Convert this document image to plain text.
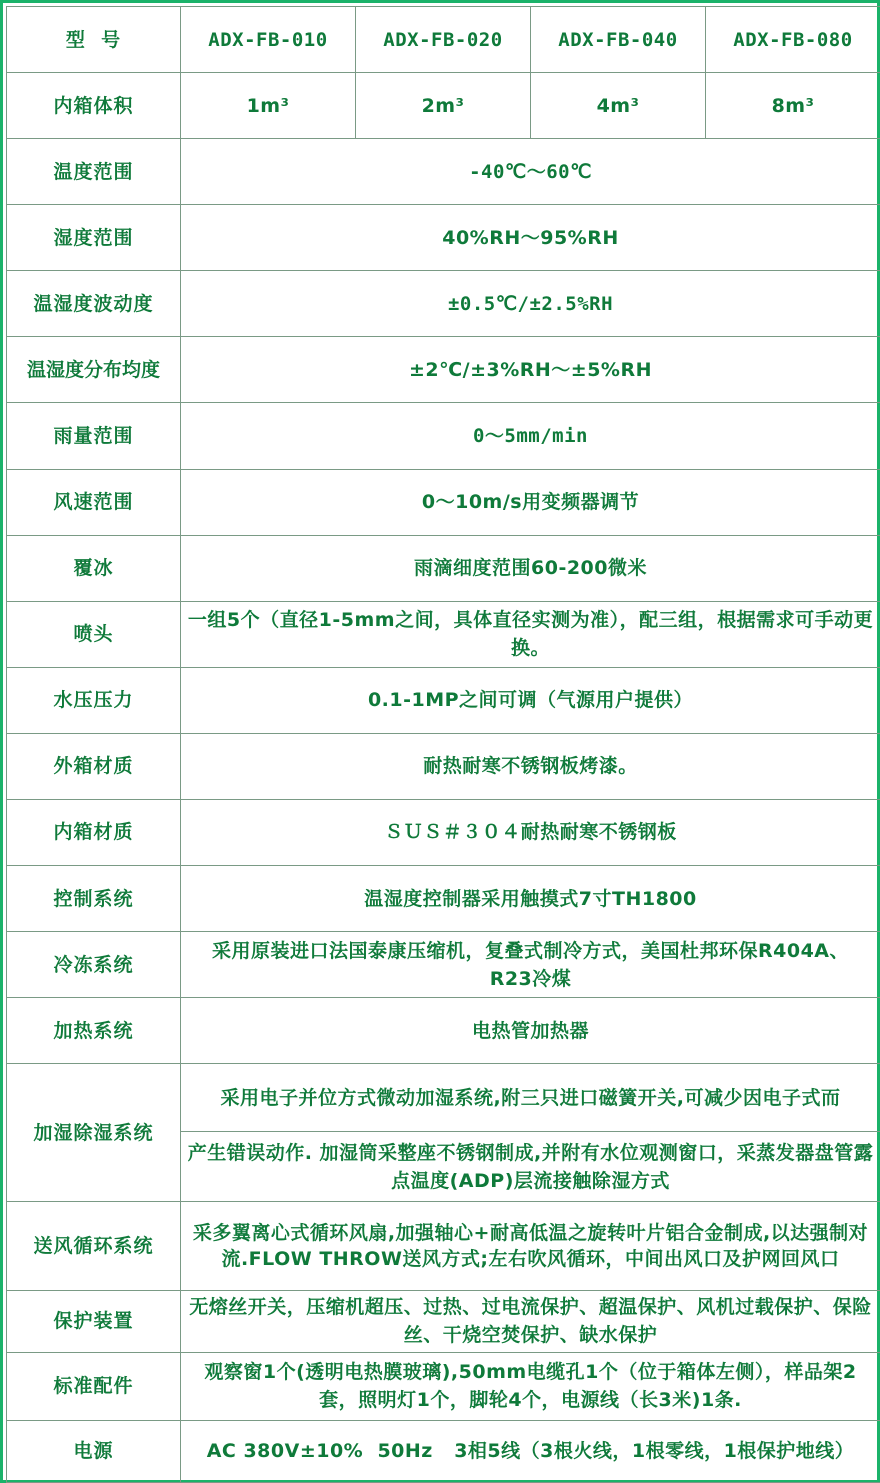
型  号	ADX-FB-010	ADX-FB-020	ADX-FB-040	ADX-FB-080
内箱体积	1m³	2m³	4m³	8m³
温度范围	-40℃～60℃			
湿度范围	40%RH～95%RH			
温湿度波动度	±0.5℃/±2.5%RH			
温湿度分布均度	±2℃/±3%RH～±5%RH			
雨量范围	0～5mm/min			
风速范围	0～10m/s用变频器调节			
覆冰	雨滴细度范围60-200微米			
喷头	一组5个（直径1-5mm之间，具体直径实测为准），配三组，根据需求可手动更换。			
水压压力	0.1-1MP之间可调（气源用户提供）			
外箱材质	耐热耐寒不锈钢板烤漆。			
内箱材质	ＳＵＳ＃３０４耐热耐寒不锈钢板			
控制系统	温湿度控制器采用触摸式7寸TH1800			
冷冻系统	采用原装进口法国泰康压缩机，复叠式制冷方式，美国杜邦环保R404A、R23冷煤			
加热系统	电热管加热器			
加湿除湿系统	采用电子并位方式微动加湿系统,附三只进口磁簧开关,可减少因电子式而			
	产生错误动作. 加湿筒采整座不锈钢制成,并附有水位观测窗口，采蒸发器盘管露点温度(ADP)层流接触除湿方式			
送风循环系统	采多翼离心式循环风扇,加强轴心+耐高低温之旋转叶片铝合金制成,以达强制对流.FLOW THROW送风方式;左右吹风循环，中间出风口及护网回风口			
保护装置	无熔丝开关，压缩机超压、过热、过电流保护、超温保护、风机过载保护、保险丝、干烧空焚保护、缺水保护			
标准配件	观察窗1个(透明电热膜玻璃),50mm电缆孔1个（位于箱体左侧），样品架2套，照明灯1个，脚轮4个，电源线（长3米)1条.			
电源	AC 380V±10%  50Hz   3相5线（3根火线，1根零线，1根保护地线）			
